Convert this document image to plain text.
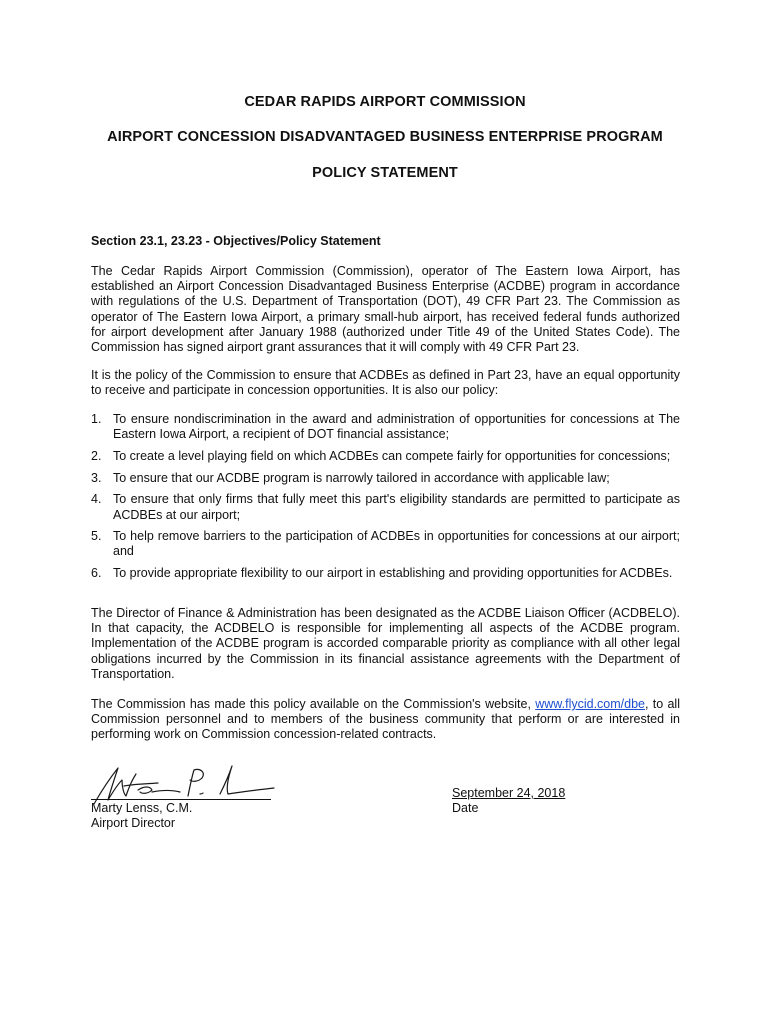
CEDAR RAPIDS AIRPORT COMMISSION
AIRPORT CONCESSION DISADVANTAGED BUSINESS ENTERPRISE PROGRAM
POLICY STATEMENT
Section 23.1, 23.23 - Objectives/Policy Statement

The Cedar Rapids Airport Commission (Commission), operator of The Eastern Iowa Airport, has established an Airport Concession Disadvantaged Business Enterprise (ACDBE) program in accordance with regulations of the U.S. Department of Transportation (DOT), 49 CFR Part 23. The Commission as operator of The Eastern Iowa Airport, a primary small-hub airport, has received federal funds authorized for airport development after January 1988 (authorized under Title 49 of the United States Code). The Commission has signed airport grant assurances that it will comply with 49 CFR Part 23.

It is the policy of the Commission to ensure that ACDBEs as defined in Part 23, have an equal opportunity to receive and participate in concession opportunities. It is also our policy:

1. To ensure nondiscrimination in the award and administration of opportunities for concessions at The Eastern Iowa Airport, a recipient of DOT financial assistance;
2. To create a level playing field on which ACDBEs can compete fairly for opportunities for concessions;
3. To ensure that our ACDBE program is narrowly tailored in accordance with applicable law;
4. To ensure that only firms that fully meet this part's eligibility standards are permitted to participate as ACDBEs at our airport;
5. To help remove barriers to the participation of ACDBEs in opportunities for concessions at our airport; and
6. To provide appropriate flexibility to our airport in establishing and providing opportunities for ACDBEs.

The Director of Finance & Administration has been designated as the ACDBE Liaison Officer (ACDBELO). In that capacity, the ACDBELO is responsible for implementing all aspects of the ACDBE program. Implementation of the ACDBE program is accorded comparable priority as compliance with all other legal obligations incurred by the Commission in its financial assistance agreements with the Department of Transportation.

The Commission has made this policy available on the Commission's website, www.flycid.com/dbe, to all Commission personnel and to members of the business community that perform or are interested in performing work on Commission concession-related contracts.

Marty Lenss, C.M.
Airport Director
September 24, 2018
Date
